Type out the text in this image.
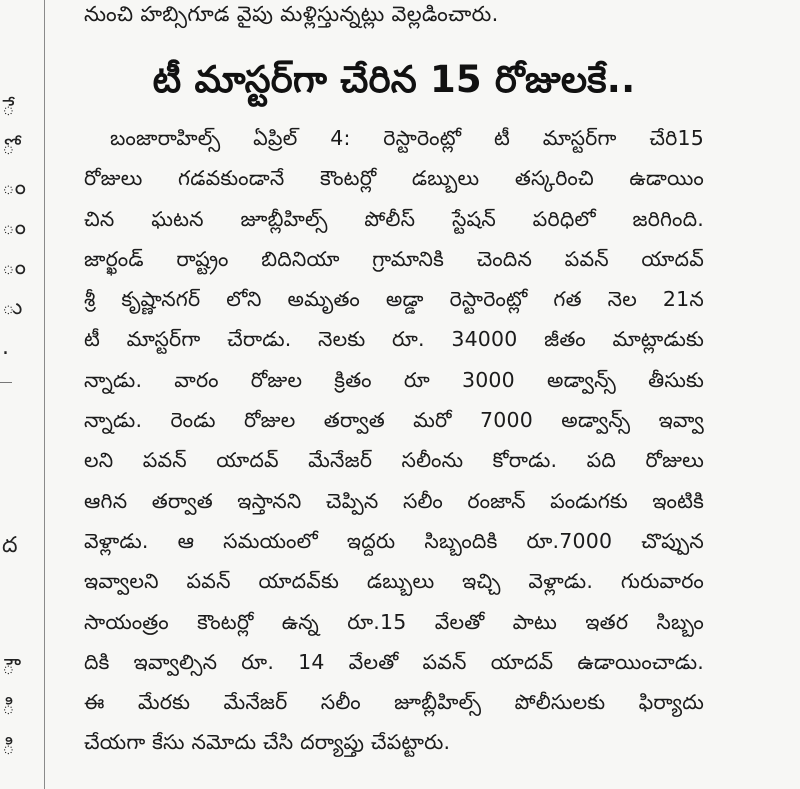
ే
ో
ం
ం
ం
ు
.
ద
ౌ
ి
ి
నుంచి హబ్సిగూడ వైపు మళ్లిస్తున్నట్లు వెల్లడించారు.
టీ మాస్టర్‌గా చేరిన 15 రోజులకే..
బంజారాహిల్స్ ఏప్రిల్ 4: రెస్టారెంట్లో టీ మాస్టర్‌గా చేరి15
రోజులు గడవకుండానే కౌంటర్లో డబ్బులు తస్కరించి ఉడాయిం
చిన ఘటన జూబ్లీహిల్స్ పోలీస్ స్టేషన్ పరిధిలో జరిగింది.
జార్ఖండ్ రాష్ట్రం బిదినియా గ్రామానికి చెందిన పవన్ యాదవ్
శ్రీ కృష్ణానగర్ లోని అమృతం అడ్డా రెస్టారెంట్లో గత నెల 21న
టీ మాస్టర్‌గా చేరాడు. నెలకు రూ. 34000 జీతం మాట్లాడుకు
న్నాడు. వారం రోజుల క్రితం రూ 3000 అడ్వాన్స్ తీసుకు
న్నాడు. రెండు రోజుల తర్వాత మరో 7000 అడ్వాన్స్ ఇవ్వా
లని పవన్ యాదవ్ మేనేజర్ సలీంను కోరాడు. పది రోజులు
ఆగిన తర్వాత ఇస్తానని చెప్పిన సలీం రంజాన్ పండుగకు ఇంటికి
వెళ్లాడు. ఆ సమయంలో ఇద్దరు సిబ్బందికి రూ.7000 చొప్పున
ఇవ్వాలని పవన్ యాదవ్‌కు డబ్బులు ఇచ్చి వెళ్లాడు. గురువారం
సాయంత్రం కౌంటర్లో ఉన్న రూ.15 వేలతో పాటు ఇతర సిబ్బం
దికి ఇవ్వాల్సిన రూ. 14 వేలతో పవన్ యాదవ్ ఉడాయించాడు.
ఈ మేరకు మేనేజర్ సలీం జూబ్లీహిల్స్ పోలీసులకు ఫిర్యాదు
చేయగా కేసు నమోదు చేసి దర్యాప్తు చేపట్టారు.
